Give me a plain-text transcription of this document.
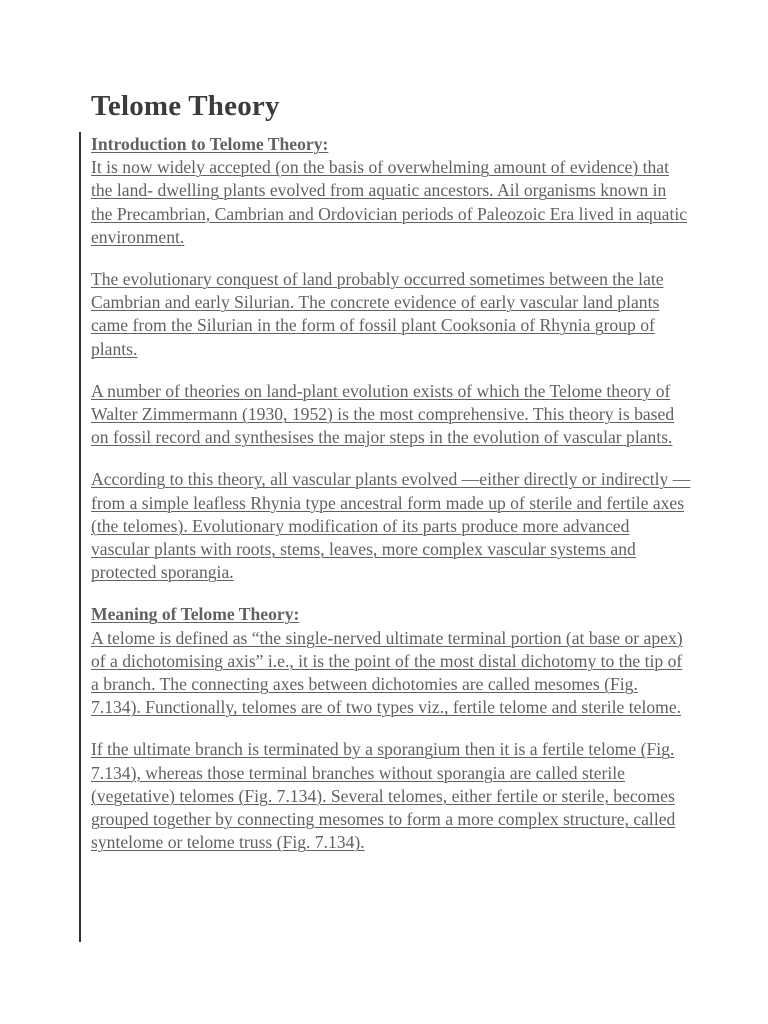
Telome Theory
Introduction to Telome Theory:

It is now widely accepted (on the basis of overwhelming amount of evidence) that the land- dwelling plants evolved from aquatic ancestors. Ail organisms known in the Precambrian, Cambrian and Ordovician periods of Paleozoic Era lived in aquatic environment.

The evolutionary conquest of land probably occurred sometimes between the late Cambrian and early Silurian. The concrete evidence of early vascular land plants came from the Silurian in the form of fossil plant Cooksonia of Rhynia group of plants.

A number of theories on land-plant evolution exists of which the Telome theory of Walter Zimmermann (1930, 1952) is the most comprehensive. This theory is based on fossil record and synthesises the major steps in the evolution of vascular plants.

According to this theory, all vascular plants evolved —either directly or indirectly — from a simple leafless Rhynia type ancestral form made up of sterile and fertile axes (the telomes). Evolutionary modification of its parts produce more advanced vascular plants with roots, stems, leaves, more complex vascular systems and protected sporangia.

Meaning of Telome Theory:

A telome is defined as “the single-nerved ultimate terminal portion (at base or apex) of a dichotomising axis” i.e., it is the point of the most distal dichotomy to the tip of a branch. The connecting axes between dichotomies are called mesomes (Fig. 7.134). Functionally, telomes are of two types viz., fertile telome and sterile telome.

If the ultimate branch is terminated by a sporangium then it is a fertile telome (Fig. 7.134), whereas those terminal branches without sporangia are called sterile (vegetative) telomes (Fig. 7.134). Several telomes, either fertile or sterile, becomes grouped together by connecting mesomes to form a more complex structure, called syntelome or telome truss (Fig. 7.134).
